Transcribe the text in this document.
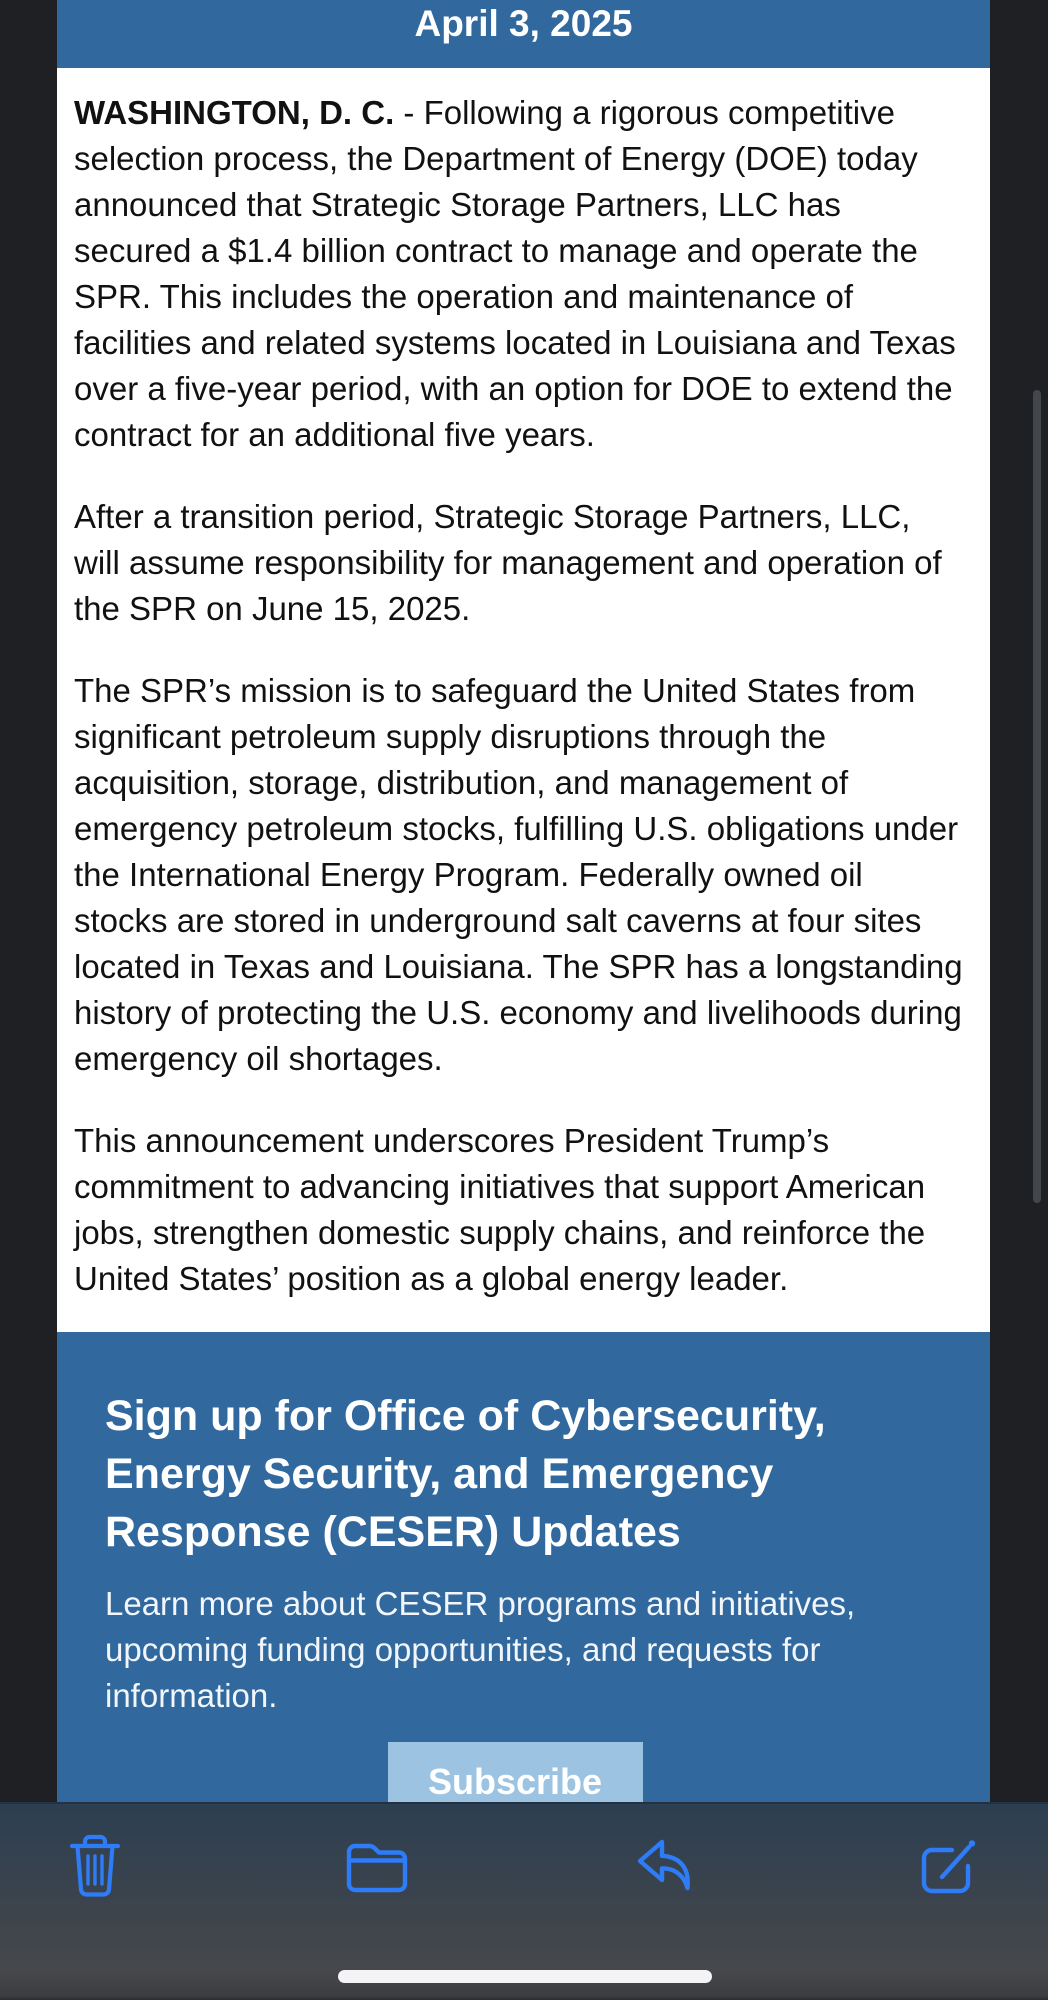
April 3, 2025

WASHINGTON, D. C. - Following a rigorous competitive selection process, the Department of Energy (DOE) today announced that Strategic Storage Partners, LLC has secured a $1.4 billion contract to manage and operate the SPR. This includes the operation and maintenance of facilities and related systems located in Louisiana and Texas over a five-year period, with an option for DOE to extend the contract for an additional five years.

After a transition period, Strategic Storage Partners, LLC, will assume responsibility for management and operation of the SPR on June 15, 2025.

The SPR’s mission is to safeguard the United States from significant petroleum supply disruptions through the acquisition, storage, distribution, and management of emergency petroleum stocks, fulfilling U.S. obligations under the International Energy Program. Federally owned oil stocks are stored in underground salt caverns at four sites located in Texas and Louisiana. The SPR has a longstanding history of protecting the U.S. economy and livelihoods during emergency oil shortages.

This announcement underscores President Trump’s commitment to advancing initiatives that support American jobs, strengthen domestic supply chains, and reinforce the United States’ position as a global energy leader.

Sign up for Office of Cybersecurity, Energy Security, and Emergency Response (CESER) Updates

Learn more about CESER programs and initiatives, upcoming funding opportunities, and requests for information.

Subscribe
